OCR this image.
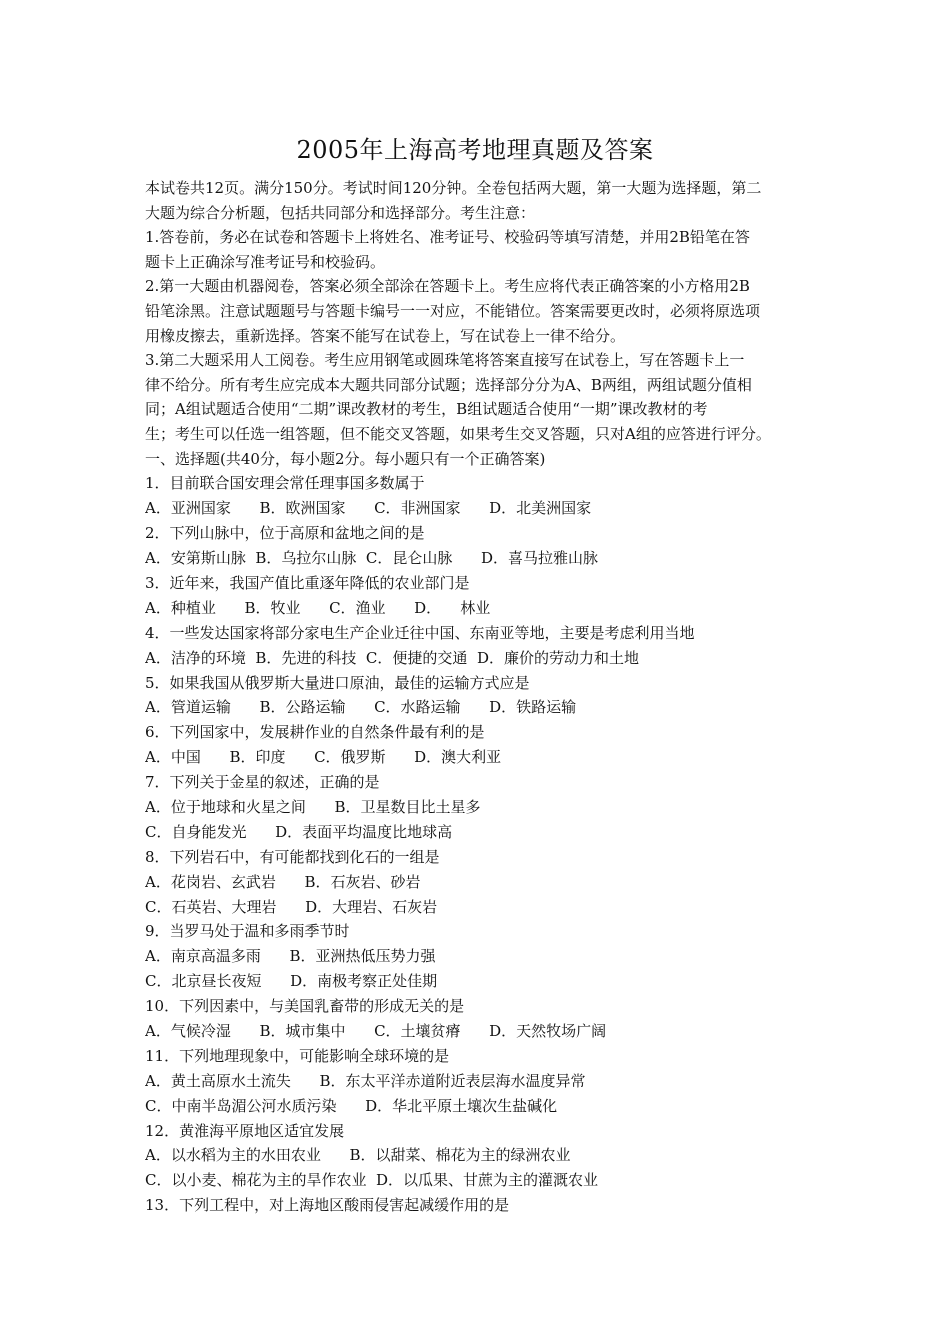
2005年上海高考地理真题及答案
本试卷共12页。满分150分。考试时间120分钟。全卷包括两大题，第一大题为选择题，第二
大题为综合分析题，包括共同部分和选择部分。考生注意：
1.答卷前，务必在试卷和答题卡上将姓名、准考证号、校验码等填写清楚，并用2B铅笔在答
题卡上正确涂写准考证号和校验码。
2.第一大题由机器阅卷，答案必须全部涂在答题卡上。考生应将代表正确答案的小方格用2B
铅笔涂黑。注意试题题号与答题卡编号一一对应，不能错位。答案需要更改时，必须将原选项
用橡皮擦去，重新选择。答案不能写在试卷上，写在试卷上一律不给分。
3.第二大题采用人工阅卷。考生应用钢笔或圆珠笔将答案直接写在试卷上，写在答题卡上一
律不给分。所有考生应完成本大题共同部分试题；选择部分分为A、B两组，两组试题分值相
同；A组试题适合使用“二期”课改教材的考生，B组试题适合使用“一期”课改教材的考
生；考生可以任选一组答题，但不能交叉答题，如果考生交叉答题，只对A组的应答进行评分。
一、选择题(共40分，每小题2分。每小题只有一个正确答案)
1．目前联合国安理会常任理事国多数属于
A．亚洲国家      B．欧洲国家      C．非洲国家      D．北美洲国家
2．下列山脉中，位于高原和盆地之间的是
A．安第斯山脉  B．乌拉尔山脉  C．昆仑山脉      D．喜马拉雅山脉
3．近年来，我国产值比重逐年降低的农业部门是
A．种植业      B．牧业      C．渔业      D．    林业
4．一些发达国家将部分家电生产企业迁往中国、东南亚等地，主要是考虑利用当地
A．洁净的环境  B．先进的科技  C．便捷的交通  D．廉价的劳动力和土地
5．如果我国从俄罗斯大量进口原油，最佳的运输方式应是
A．管道运输      B．公路运输      C．水路运输      D．铁路运输
6．下列国家中，发展耕作业的自然条件最有利的是
A．中国      B．印度      C．俄罗斯      D．澳大利亚
7．下列关于金星的叙述，正确的是
A．位于地球和火星之间      B．卫星数目比土星多
C．自身能发光      D．表面平均温度比地球高
8．下列岩石中，有可能都找到化石的一组是
A．花岗岩、玄武岩      B．石灰岩、砂岩
C．石英岩、大理岩      D．大理岩、石灰岩
9．当罗马处于温和多雨季节时
A．南京高温多雨      B．亚洲热低压势力强
C．北京昼长夜短      D．南极考察正处佳期
10．下列因素中，与美国乳畜带的形成无关的是
A．气候冷湿      B．城市集中      C．土壤贫瘠      D．天然牧场广阔
11．下列地理现象中，可能影响全球环境的是
A．黄土高原水土流失      B．东太平洋赤道附近表层海水温度异常
C．中南半岛湄公河水质污染      D．华北平原土壤次生盐碱化
12．黄淮海平原地区适宜发展
A．以水稻为主的水田农业      B．以甜菜、棉花为主的绿洲农业
C．以小麦、棉花为主的旱作农业  D．以瓜果、甘蔗为主的灌溉农业
13．下列工程中，对上海地区酸雨侵害起减缓作用的是
